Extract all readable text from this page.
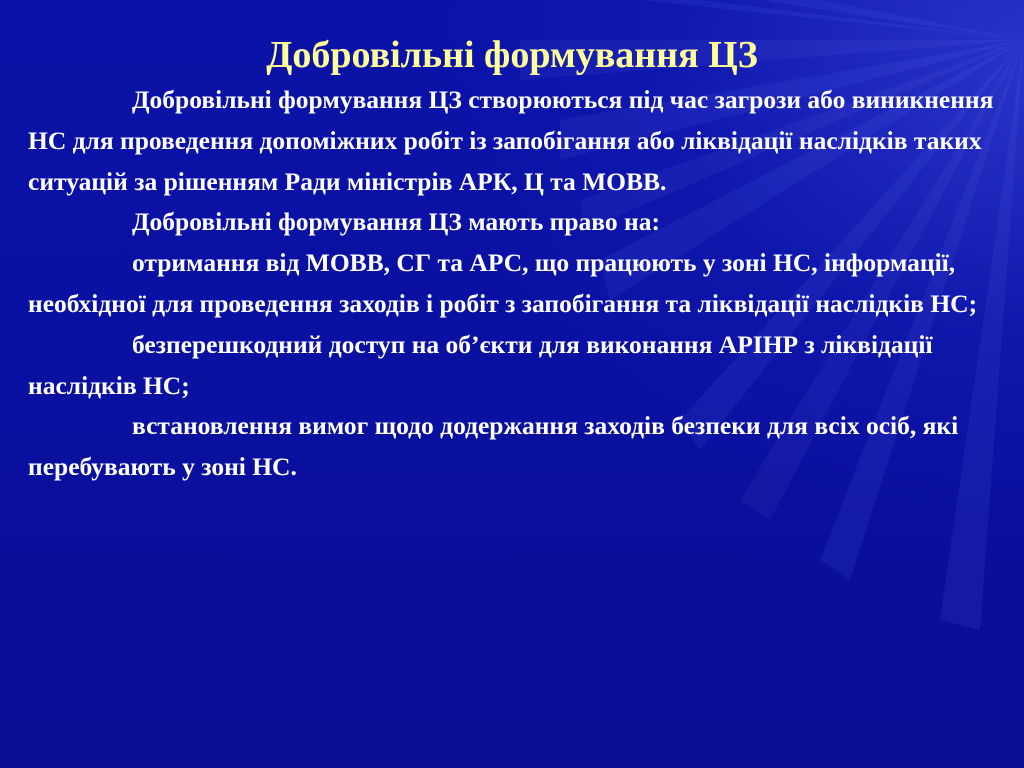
Добровільні формування ЦЗ

Добровільні формування ЦЗ створюються під час загрози або виникнення НС для проведення допоміжних робіт із запобігання або ліквідації наслідків таких ситуацій за рішенням Ради міністрів АРК, Ц та МОВВ.

Добровільні формування ЦЗ мають право на:

отримання від МОВВ, СГ та АРС, що працюють у зоні НС, інформації, необхідної для проведення заходів і робіт з запобігання та ліквідації наслідків НС;

безперешкодний доступ на об’єкти для виконання АРІНР з ліквідації наслідків НС;

встановлення вимог щодо додержання заходів безпеки для всіх осіб, які перебувають у зоні НС.
